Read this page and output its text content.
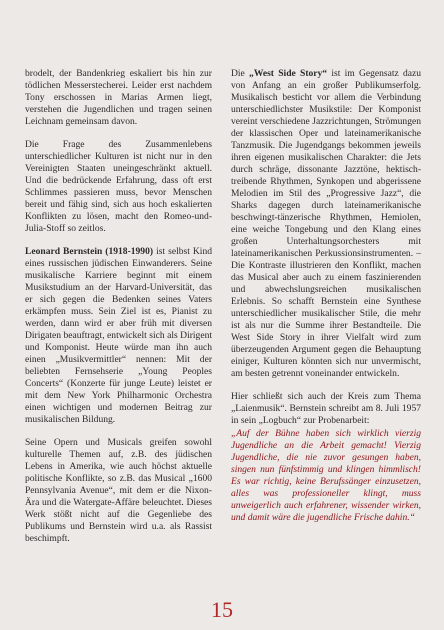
brodelt, der Bandenkrieg eskaliert bis hin zur tödlichen Messerstecherei. Leider erst nachdem Tony erschossen in Marias Armen liegt, verstehen die Jugendlichen und tragen seinen Leichnam gemeinsam davon.

Die Frage des Zusammenlebens unterschiedlicher Kulturen ist nicht nur in den Vereinigten Staaten uneingeschränkt aktuell. Und die bedrückende Erfahrung, dass oft erst Schlimmes passieren muss, bevor Menschen bereit und fähig sind, sich aus hoch eskalierten Konflikten zu lösen, macht den Romeo-und-Julia-Stoff so zeitlos.

Leonard Bernstein (1918-1990) ist selbst Kind eines russischen jüdischen Einwanderers. Seine musikalische Karriere beginnt mit einem Musikstudium an der Harvard-Universität, das er sich gegen die Bedenken seines Vaters erkämpfen muss. Sein Ziel ist es, Pianist zu werden, dann wird er aber früh mit diversen Dirigaten beauftragt, entwickelt sich als Dirigent und Komponist. Heute würde man ihn auch einen „Musikvermittler“ nennen: Mit der beliebten Fernsehserie „Young Peoples Concerts“ (Konzerte für junge Leute) leistet er mit dem New York Philharmonic Orchestra einen wichtigen und modernen Beitrag zur musikalischen Bildung.

Seine Opern und Musicals greifen sowohl kulturelle Themen auf, z.B. des jüdischen Lebens in Amerika, wie auch höchst aktuelle politische Konflikte, so z.B. das Musical „1600 Pennsylvania Avenue“, mit dem er die Nixon-Ära und die Watergate-Affäre beleuchtet. Dieses Werk stößt nicht auf die Gegenliebe des Publikums und Bernstein wird u.a. als Rassist beschimpft.

Die „West Side Story“ ist im Gegensatz dazu von Anfang an ein großer Publikumserfolg. Musikalisch besticht vor allem die Verbindung unterschiedlichster Musikstile: Der Komponist vereint verschiedene Jazzrichtungen, Strömungen der klassischen Oper und lateinamerikanische Tanzmusik. Die Jugendgangs bekommen jeweils ihren eigenen musikalischen Charakter: die Jets durch schräge, dissonante Jazztöne, hektisch-treibende Rhythmen, Synkopen und abgerissene Melodien im Stil des „Progressive Jazz“, die Sharks dagegen durch lateinamerikanische beschwingt-tänzerische Rhythmen, Hemiolen, eine weiche Tongebung und den Klang eines großen Unterhaltungsorchesters mit lateinamerikanischen Perkussionsinstrumenten. – Die Kontraste illustrieren den Konflikt, machen das Musical aber auch zu einem faszinierenden und abwechslungsreichen musikalischen Erlebnis. So schafft Bernstein eine Synthese unterschiedlicher musikalischer Stile, die mehr ist als nur die Summe ihrer Bestandteile. Die West Side Story in ihrer Vielfalt wird zum überzeugenden Argument gegen die Behauptung einiger, Kulturen könnten sich nur unvermischt, am besten getrennt voneinander entwickeln.

Hier schließt sich auch der Kreis zum Thema „Laienmusik“. Bernstein schreibt am 8. Juli 1957 in sein „Logbuch“ zur Probenarbeit:

„Auf der Bühne haben sich wirklich vierzig Jugendliche an die Arbeit gemacht! Vierzig Jugendliche, die nie zuvor gesungen haben, singen nun fünfstimmig und klingen himmlisch! Es war richtig, keine Berufssänger einzusetzen, alles was professioneller klingt, muss unweigerlich auch erfahrener, wissender wirken, und damit wäre die jugendliche Frische dahin.“

15
